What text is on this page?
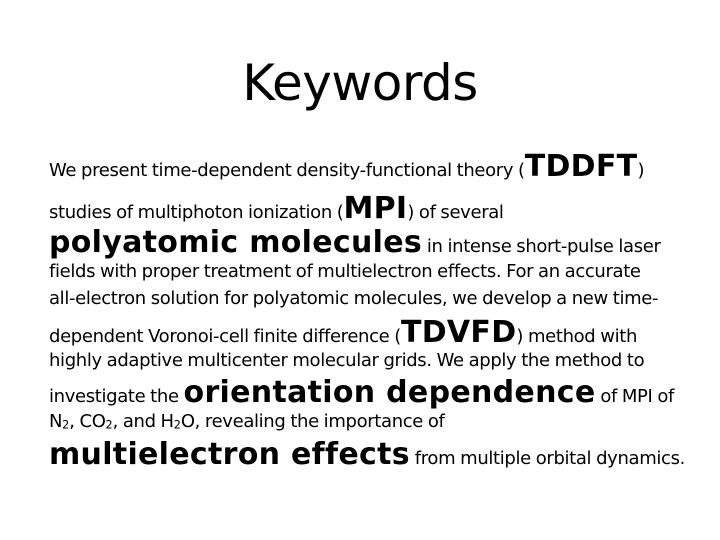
Keywords
We present time-dependent density-functional theory (TDDFT)
studies of multiphoton ionization (MPI) of several
polyatomic molecules in intense short-pulse laser
fields with proper treatment of multielectron effects. For an accurate
all-electron solution for polyatomic molecules, we develop a new time-
dependent Voronoi-cell finite difference (TDVFD) method with
highly adaptive multicenter molecular grids. We apply the method to
investigate the orientation dependence of MPI of
$N_2$, $CO_2$, and $H_2O$, revealing the importance of
multielectron effects from multiple orbital dynamics.
